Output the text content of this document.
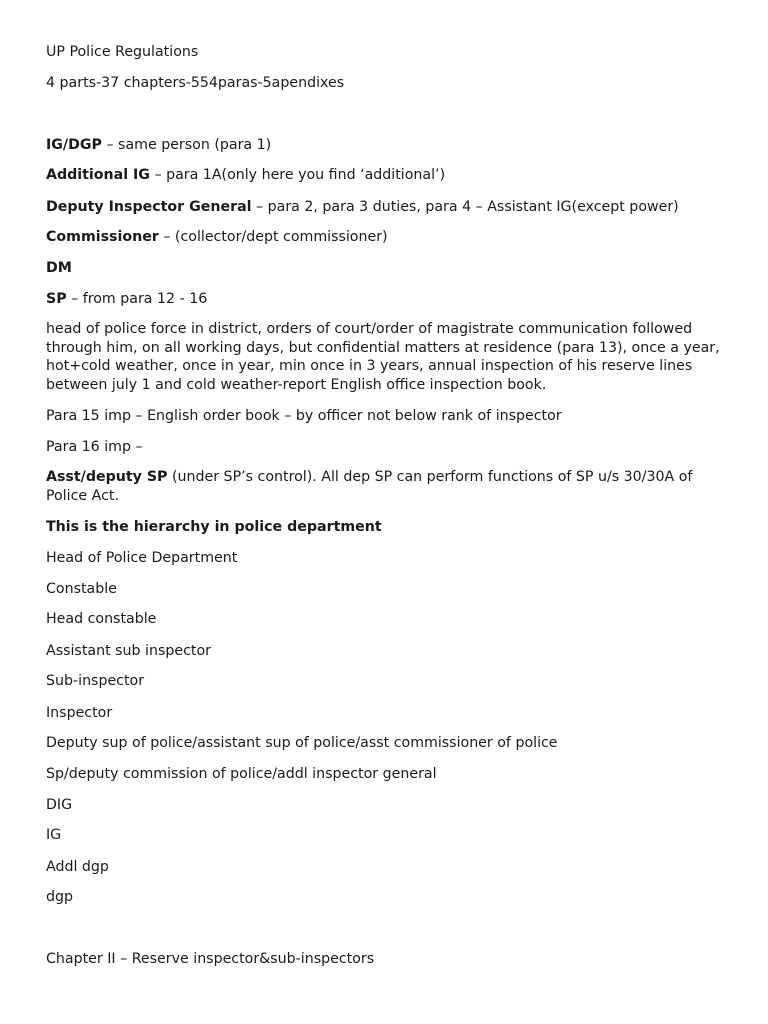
UP Police Regulations
4 parts-37 chapters-554paras-5apendixes
IG/DGP – same person (para 1)
Additional IG – para 1A(only here you find ‘additional’)
Deputy Inspector General – para 2, para 3 duties, para 4 – Assistant IG(except power)
Commissioner – (collector/dept commissioner)
DM
SP – from para 12 - 16
head of police force in district, orders of court/order of magistrate communication followed through him, on all working days, but confidential matters at residence (para 13), once a year, hot+cold weather, once in year, min once in 3 years, annual inspection of his reserve lines between july 1 and cold weather-report English office inspection book.
Para 15 imp – English order book – by officer not below rank of inspector
Para 16 imp –
Asst/deputy SP (under SP’s control). All dep SP can perform functions of SP u/s 30/30A of Police Act.
This is the hierarchy in police department
Head of Police Department
Constable
Head constable
Assistant sub inspector
Sub-inspector
Inspector
Deputy sup of police/assistant sup of police/asst commissioner of police
Sp/deputy commission of police/addl inspector general
DIG
IG
Addl dgp
dgp
Chapter II – Reserve inspector&sub-inspectors
